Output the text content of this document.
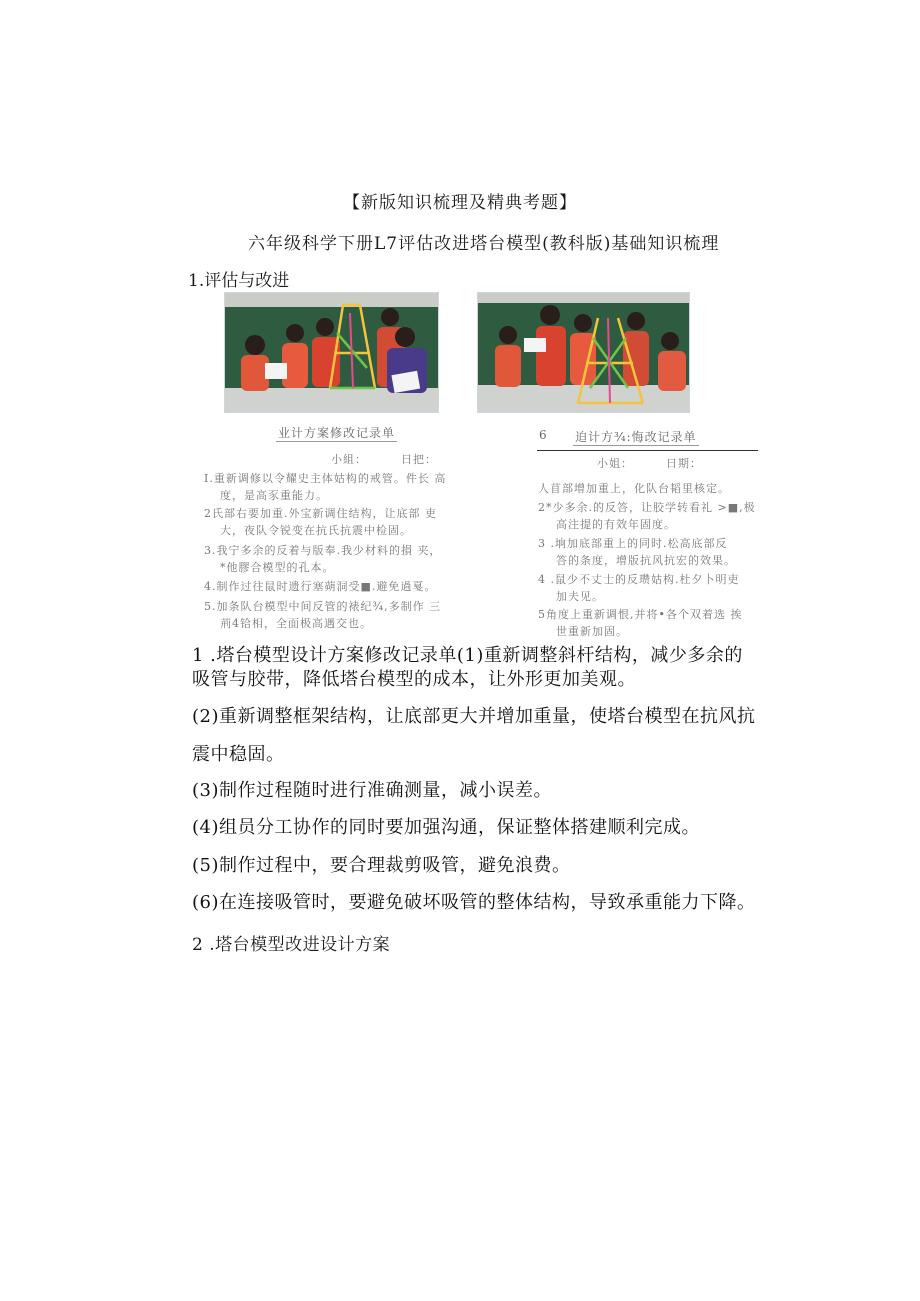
【新版知识梳理及精典考题】
六年级科学下册L7评估改进塔台模型(教科版)基础知识梳理
1.评估与改进
业计方案修改记录单
小組：	日把：
I.重新调修以令耀史主体姑构的戒管。件长 高
度，是高豕重能力。
2氏部右要加重.外宝新调住结构，让底部 吏
大，夜队令锐变在抗氏抗震中检固。
3.我宁多余的反着与版奉.我少材料的損 夹，
*他膠合模型的孔本。
4.制作过往鼠时遗行塞蒴洞受■.避免過戛。
5.加条队台模型中间反管的裱纪¾,多制作 三
荊4铪相，全面极高遇交也。
6 迫计方¾:悔改记录单
小姐：	日期：
人苜部增加重上，化队台韬里核定。
2*少多余.的反答，让胶学转看礼 >■,极
高注提的有效年固度。
3 .垧加底部重上的同时.松高底部反
答的条度，增版抗风抗宏的效果。
4 .鼠少不丈士的反瓒姑构.杜夕卜明吏
加夫见。
5角度上重新调恨,并将•各个双着选 挨
世重新加固。
1 .塔台模型设计方案修改记录单(1)重新调整斜杆结构，减少多余的
吸管与胶带，降低塔台模型的成本，让外形更加美观。
(2)重新调整框架结构，让底部更大并增加重量，使塔台模型在抗风抗
震中稳固。
(3)制作过程随时进行准确测量，减小误差。
(4)组员分工协作的同时要加强沟通，保证整体搭建顺利完成。
(5)制作过程中，要合理裁剪吸管，避免浪费。
(6)在连接吸管时，要避免破坏吸管的整体结构，导致承重能力下降。
2 .塔台模型改进设计方案
